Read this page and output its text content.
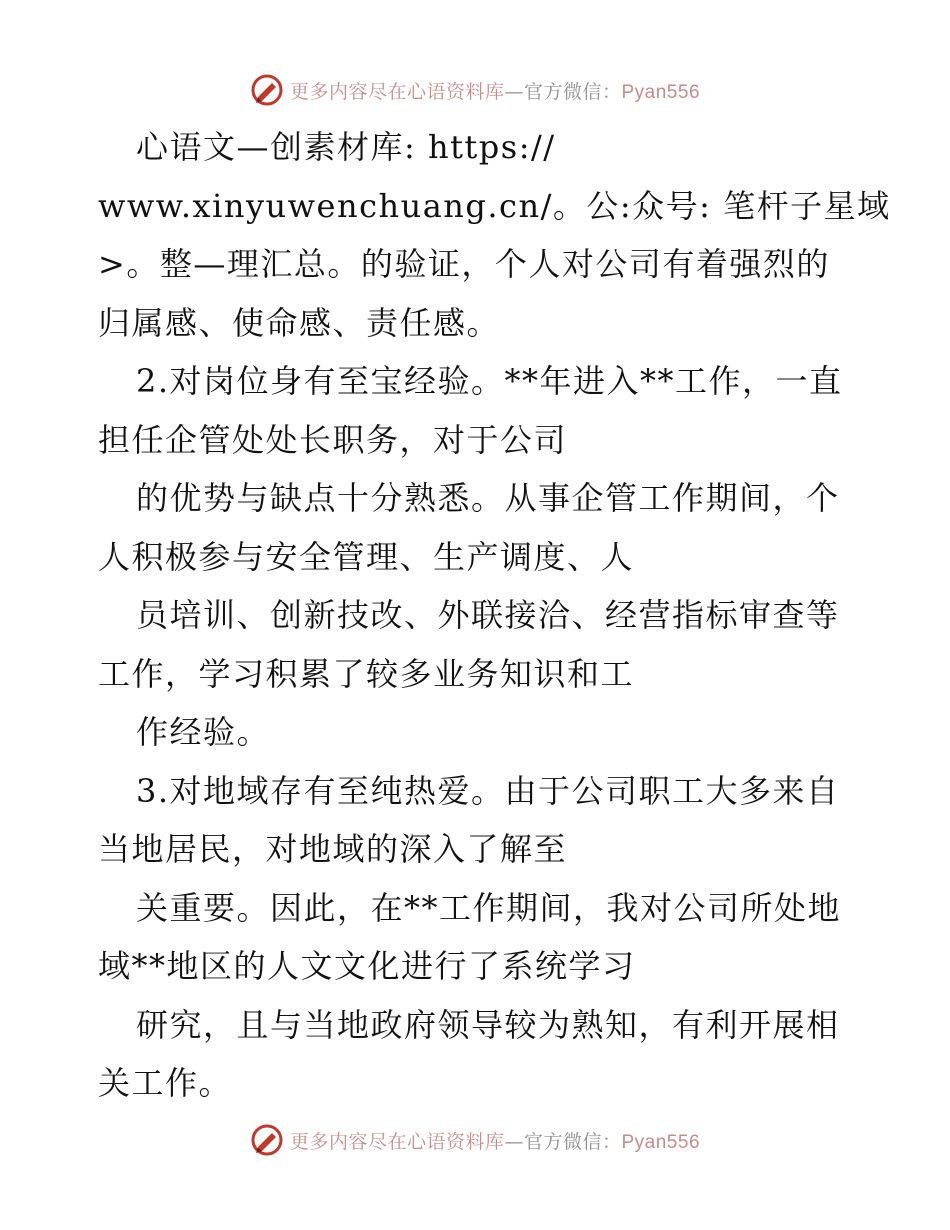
更多内容尽在心语资料库—官方微信：Pyan556
心语文—创素材库: https://
www.xinyuwenchuang.cn/。公:众号: 笔杆子星域
>。整—理汇总。的验证，个人对公司有着强烈的
归属感、使命感、责任感。
2.对岗位身有至宝经验。**年进入**工作，一直
担任企管处处长职务，对于公司
的优势与缺点十分熟悉。从事企管工作期间，个
人积极参与安全管理、生产调度、人
员培训、创新技改、外联接洽、经营指标审查等
工作，学习积累了较多业务知识和工
作经验。
3.对地域存有至纯热爱。由于公司职工大多来自
当地居民，对地域的深入了解至
关重要。因此，在**工作期间，我对公司所处地
域**地区的人文文化进行了系统学习
研究，且与当地政府领导较为熟知，有利开展相
关工作。
更多内容尽在心语资料库—官方微信：Pyan556
